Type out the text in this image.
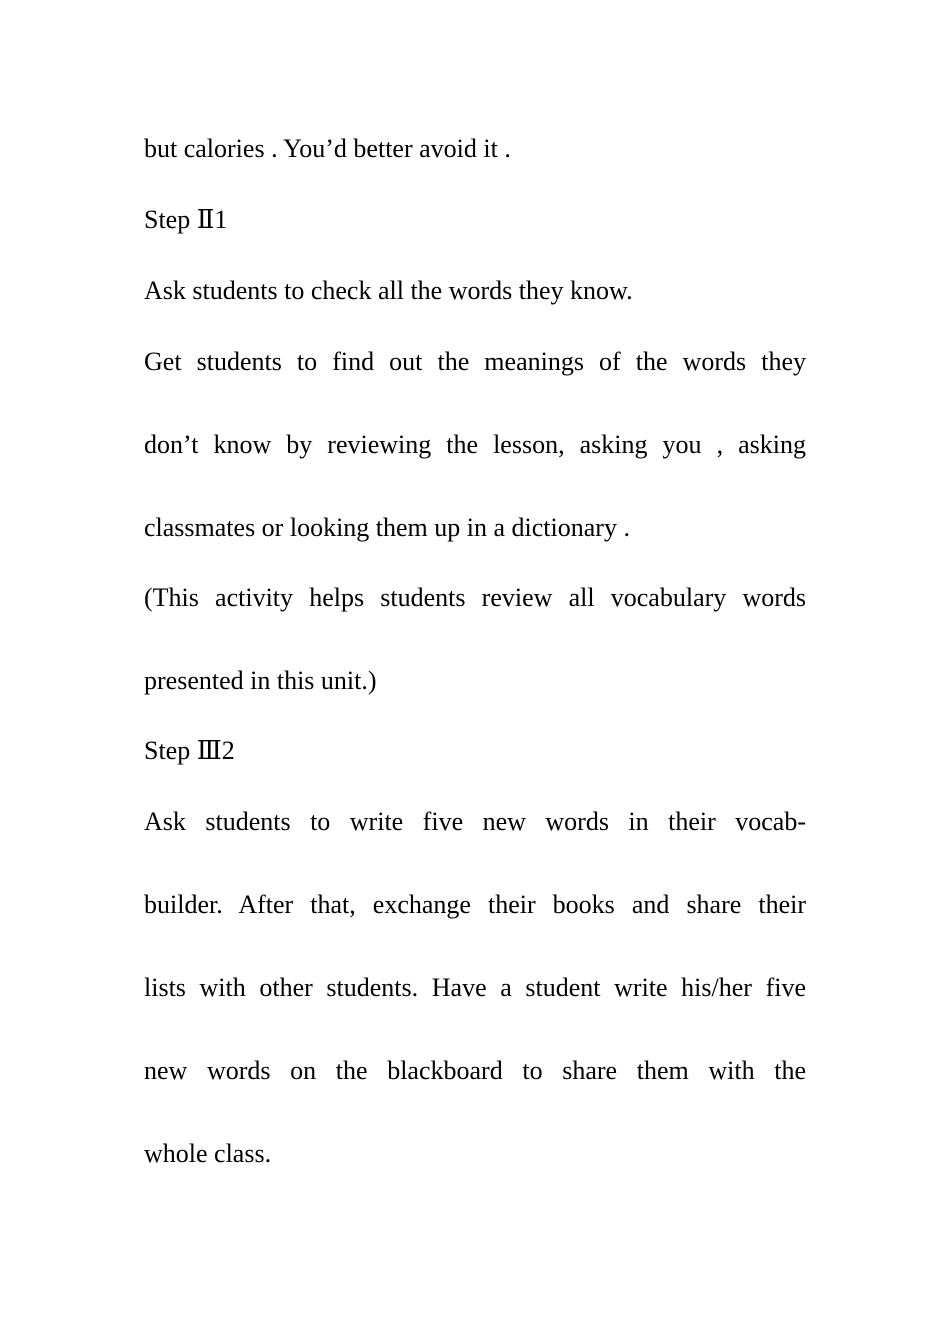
but calories . You’d better avoid it .

Step Ⅱ1

Ask students to check all the words they know.

Get students to find out the meanings of the words they
don’t know by reviewing the lesson, asking you , asking
classmates or looking them up in a dictionary .
(This activity helps students review all vocabulary words
presented in this unit.)

Step Ⅲ2

Ask students to write five new words in their vocab-
builder. After that, exchange their books and share their
lists with other students. Have a student write his/her five
new words on the blackboard to share them with the
whole class.
